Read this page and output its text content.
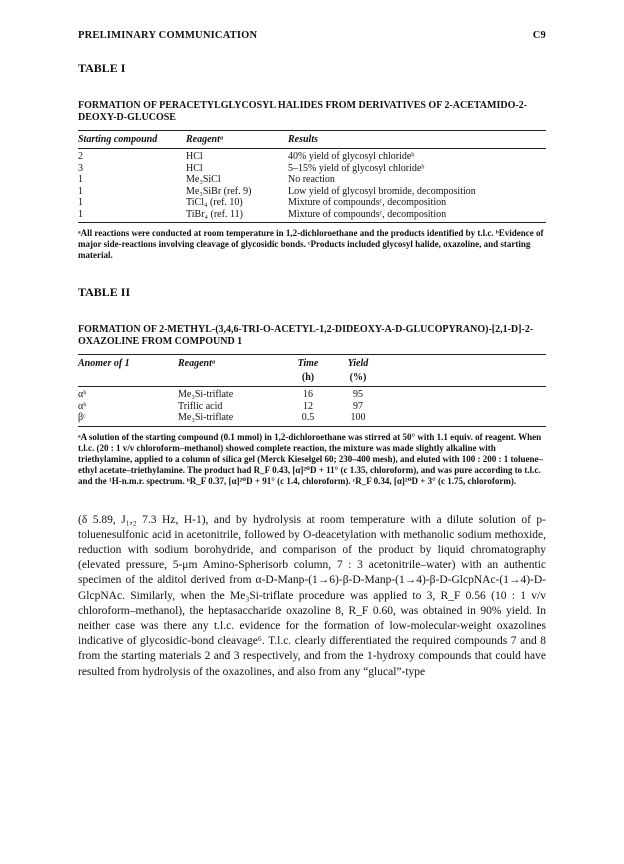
PRELIMINARY COMMUNICATION	C9
TABLE I
FORMATION OF PERACETYLGLYCOSYL HALIDES FROM DERIVATIVES OF 2-ACETAMIDO-2-DEOXY-D-GLUCOSE
Starting compound	Reagentᵃ	Results

2	HCl	40% yield of glycosyl chlorideᵇ
3	HCl	5–15% yield of glycosyl chlorideᵇ
1	Me₃SiCl	No reaction
1	Me₃SiBr (ref. 9)	Low yield of glycosyl bromide, decomposition
1	TiCl₄ (ref. 10)	Mixture of compoundsᶜ, decomposition
1	TiBr₄ (ref. 11)	Mixture of compoundsᶜ, decomposition

ᵃAll reactions were conducted at room temperature in 1,2-dichloroethane and the products identified by t.l.c. ᵇEvidence of major side-reactions involving cleavage of glycosidic bonds. ᶜProducts included glycosyl halide, oxazoline, and starting material.
TABLE II
FORMATION OF 2-METHYL-(3,4,6-TRI-O-ACETYL-1,2-DIDEOXY-Α-D-GLUCOPYRANO)-[2,1-D]-2-OXAZOLINE FROM COMPOUND 1
Anomer of 1	Reagentᵃ	Time	Yield	
		(h)	(%)	

αᵇ	Me₃Si-triflate	16	95	
αᵇ	Triflic acid	12	97	
βᶜ	Me₃Si-triflate	0.5	100	

ᵃA solution of the starting compound (0.1 mmol) in 1,2-dichloroethane was stirred at 50° with 1.1 equiv. of reagent. When t.l.c. (20 : 1 v/v chloroform–methanol) showed complete reaction, the mixture was made slightly alkaline with triethylamine, applied to a column of silica gel (Merck Kieselgel 60; 230–400 mesh), and eluted with 100 : 200 : 1 toluene–ethyl acetate–triethylamine. The product had R_F 0.43, [α]²⁰D + 11° (c 1.35, chloroform), and was pure according to t.l.c. and the ¹H-n.m.r. spectrum. ᵇR_F 0.37, [α]²⁰D + 91° (c 1.4, chloroform). ᶜR_F 0.34, [α]²⁰D + 3° (c 1.75, chloroform).
(δ 5.89, J₁,₂ 7.3 Hz, H-1), and by hydrolysis at room temperature with a dilute solution of p-toluenesulfonic acid in acetonitrile, followed by O-deacetylation with methanolic sodium methoxide, reduction with sodium borohydride, and comparison of the product by liquid chromatography (elevated pressure, 5-μm Amino-Spherisorb column, 7 : 3 acetonitrile–water) with an authentic specimen of the alditol derived from α-D-Manp-(1→6)-β-D-Manp-(1→4)-β-D-GlcpNAc-(1→4)-D-GlcpNAc. Similarly, when the Me₃Si-triflate procedure was applied to 3, R_F 0.56 (10 : 1 v/v chloroform–methanol), the heptasaccharide oxazoline 8, R_F 0.60, was obtained in 90% yield. In neither case was there any t.l.c. evidence for the formation of low-molecular-weight oxazolines indicative of glycosidic-bond cleavage⁶. T.l.c. clearly differentiated the required compounds 7 and 8 from the starting materials 2 and 3 respectively, and from the 1-hydroxy compounds that could have resulted from hydrolysis of the oxazolines, and also from any “glucal”-type
